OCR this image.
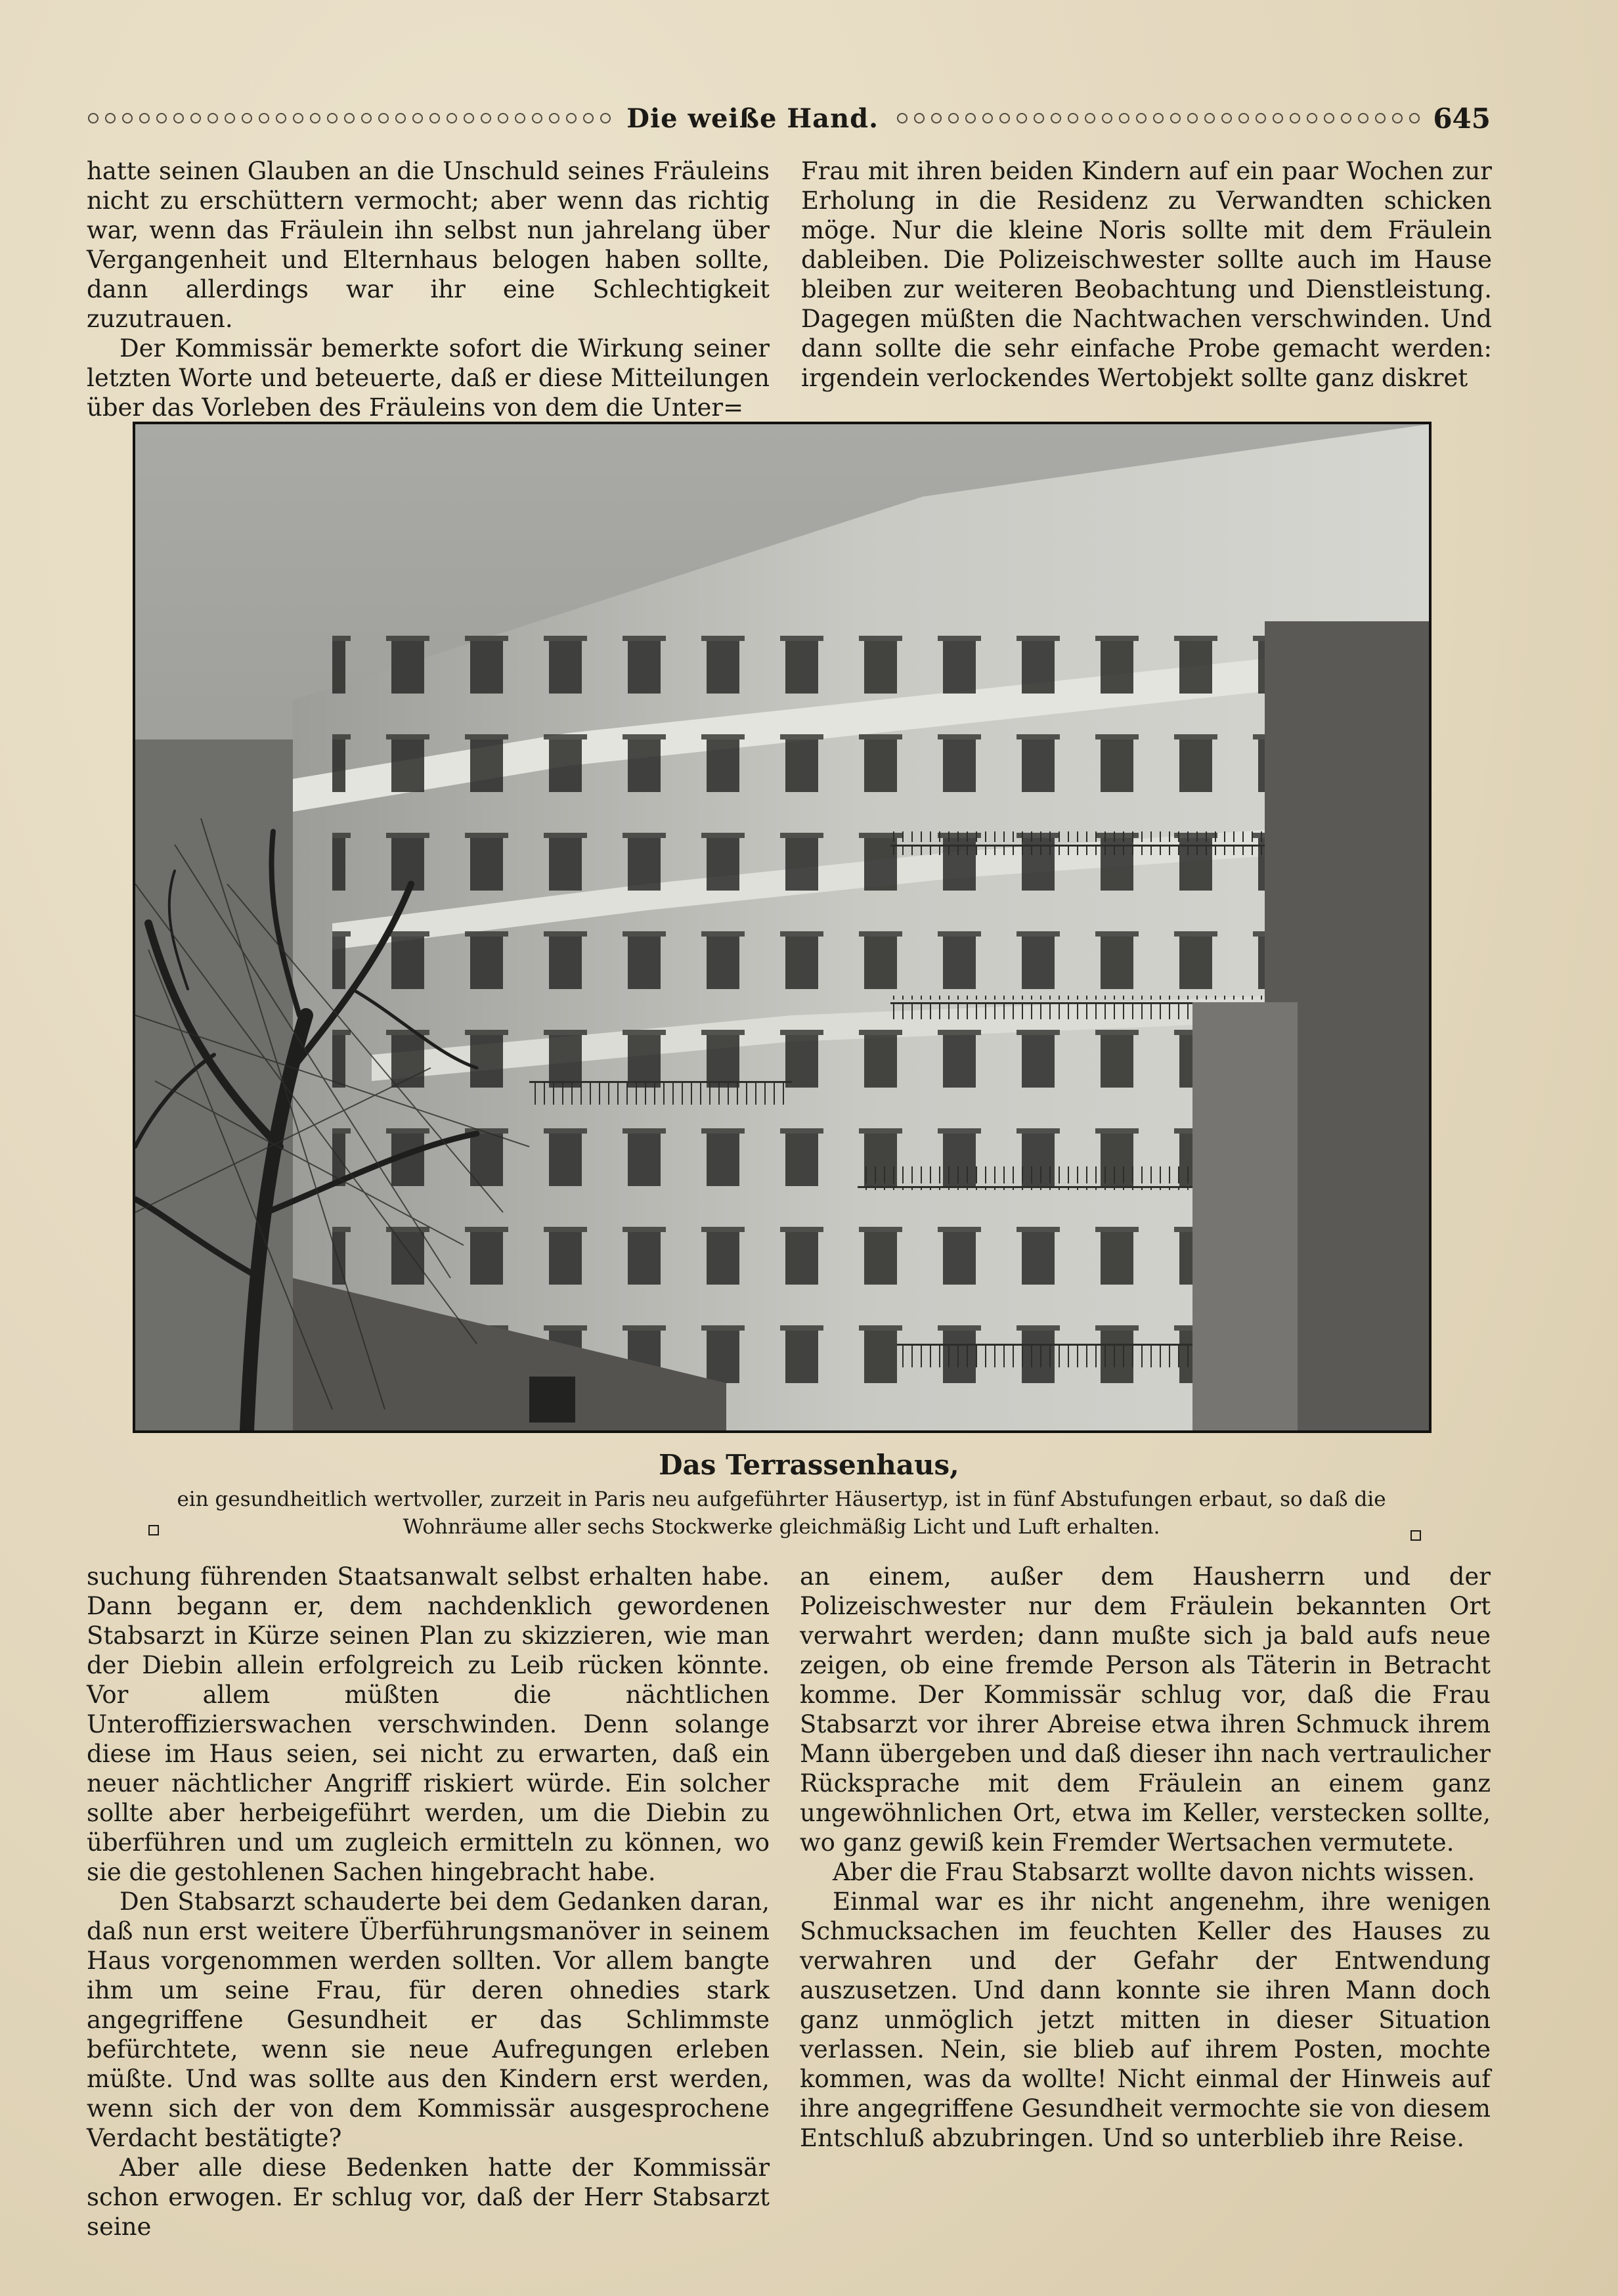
Die weiße Hand.	645

hatte seinen Glauben an die Unschuld seines Fräuleins nicht zu erschüttern vermocht; aber wenn das richtig war, wenn das Fräulein ihn selbst nun jahrelang über Vergangenheit und Elternhaus belogen haben sollte, dann allerdings war ihr eine Schlechtigkeit zuzutrauen.

Der Kommissär bemerkte sofort die Wirkung seiner letzten Worte und beteuerte, daß er diese Mitteilungen über das Vorleben des Fräuleins von dem die Unter=

Frau mit ihren beiden Kindern auf ein paar Wochen zur Erholung in die Residenz zu Verwandten schicken möge. Nur die kleine Noris sollte mit dem Fräulein dableiben. Die Polizeischwester sollte auch im Hause bleiben zur weiteren Beobachtung und Dienstleistung. Dagegen müßten die Nachtwachen verschwinden. Und dann sollte die sehr einfache Probe gemacht werden: irgendein verlockendes Wertobjekt sollte ganz diskret

Das Terrassenhaus,
ein gesundheitlich wertvoller, zurzeit in Paris neu aufgeführter Häusertyp, ist in fünf Abstufungen erbaut, so daß die Wohnräume aller sechs Stockwerke gleichmäßig Licht und Luft erhalten.

suchung führenden Staatsanwalt selbst erhalten habe. Dann begann er, dem nachdenklich gewordenen Stabsarzt in Kürze seinen Plan zu skizzieren, wie man der Diebin allein erfolgreich zu Leib rücken könnte. Vor allem müßten die nächtlichen Unteroffizierswachen verschwinden. Denn solange diese im Haus seien, sei nicht zu erwarten, daß ein neuer nächtlicher Angriff riskiert würde. Ein solcher sollte aber herbeigeführt werden, um die Diebin zu überführen und um zugleich ermitteln zu können, wo sie die gestohlenen Sachen hingebracht habe.

Den Stabsarzt schauderte bei dem Gedanken daran, daß nun erst weitere Überführungsmanöver in seinem Haus vorgenommen werden sollten. Vor allem bangte ihm um seine Frau, für deren ohnedies stark angegriffene Gesundheit er das Schlimmste befürchtete, wenn sie neue Aufregungen erleben müßte. Und was sollte aus den Kindern erst werden, wenn sich der von dem Kommissär ausgesprochene Verdacht bestätigte?

Aber alle diese Bedenken hatte der Kommissär schon erwogen. Er schlug vor, daß der Herr Stabsarzt seine

an einem, außer dem Hausherrn und der Polizeischwester nur dem Fräulein bekannten Ort verwahrt werden; dann mußte sich ja bald aufs neue zeigen, ob eine fremde Person als Täterin in Betracht komme. Der Kommissär schlug vor, daß die Frau Stabsarzt vor ihrer Abreise etwa ihren Schmuck ihrem Mann übergeben und daß dieser ihn nach vertraulicher Rücksprache mit dem Fräulein an einem ganz ungewöhnlichen Ort, etwa im Keller, verstecken sollte, wo ganz gewiß kein Fremder Wertsachen vermutete.

Aber die Frau Stabsarzt wollte davon nichts wissen.

Einmal war es ihr nicht angenehm, ihre wenigen Schmucksachen im feuchten Keller des Hauses zu verwahren und der Gefahr der Entwendung auszusetzen. Und dann konnte sie ihren Mann doch ganz unmöglich jetzt mitten in dieser Situation verlassen. Nein, sie blieb auf ihrem Posten, mochte kommen, was da wollte! Nicht einmal der Hinweis auf ihre angegriffene Gesundheit vermochte sie von diesem Entschluß abzubringen. Und so unterblieb ihre Reise.
